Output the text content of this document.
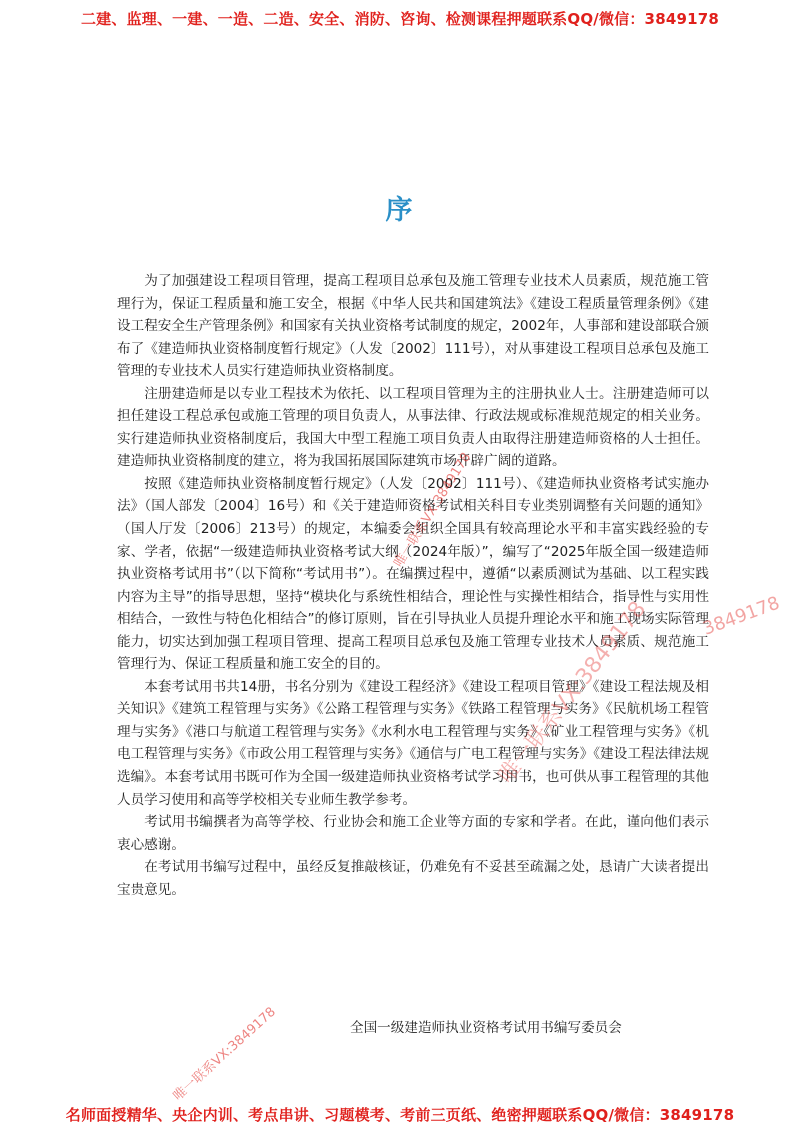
二建、监理、一建、一造、二造、安全、消防、咨询、检测课程押题联系QQ/微信：3849178
序

为了加强建设工程项目管理，提高工程项目总承包及施工管理专业技术人员素质，规范施工管理行为，保证工程质量和施工安全，根据《中华人民共和国建筑法》《建设工程质量管理条例》《建设工程安全生产管理条例》和国家有关执业资格考试制度的规定，2002年，人事部和建设部联合颁布了《建造师执业资格制度暂行规定》（人发〔2002〕111号），对从事建设工程项目总承包及施工管理的专业技术人员实行建造师执业资格制度。

注册建造师是以专业工程技术为依托、以工程项目管理为主的注册执业人士。注册建造师可以担任建设工程总承包或施工管理的项目负责人，从事法律、行政法规或标准规范规定的相关业务。实行建造师执业资格制度后，我国大中型工程施工项目负责人由取得注册建造师资格的人士担任。建造师执业资格制度的建立，将为我国拓展国际建筑市场开辟广阔的道路。

按照《建造师执业资格制度暂行规定》（人发〔2002〕111号）、《建造师执业资格考试实施办法》（国人部发〔2004〕16号）和《关于建造师资格考试相关科目专业类别调整有关问题的通知》（国人厅发〔2006〕213号）的规定，本编委会组织全国具有较高理论水平和丰富实践经验的专家、学者，依据“一级建造师执业资格考试大纲（2024年版）”，编写了“2025年版全国一级建造师执业资格考试用书”（以下简称“考试用书”）。在编撰过程中，遵循“以素质测试为基础、以工程实践内容为主导”的指导思想，坚持“模块化与系统性相结合，理论性与实操性相结合，指导性与实用性相结合，一致性与特色化相结合”的修订原则，旨在引导执业人员提升理论水平和施工现场实际管理能力，切实达到加强工程项目管理、提高工程项目总承包及施工管理专业技术人员素质、规范施工管理行为、保证工程质量和施工安全的目的。

本套考试用书共14册，书名分别为《建设工程经济》《建设工程项目管理》《建设工程法规及相关知识》《建筑工程管理与实务》《公路工程管理与实务》《铁路工程管理与实务》《民航机场工程管理与实务》《港口与航道工程管理与实务》《水利水电工程管理与实务》《矿业工程管理与实务》《机电工程管理与实务》《市政公用工程管理与实务》《通信与广电工程管理与实务》《建设工程法律法规选编》。本套考试用书既可作为全国一级建造师执业资格考试学习用书，也可供从事工程管理的其他人员学习使用和高等学校相关专业师生教学参考。

考试用书编撰者为高等学校、行业协会和施工企业等方面的专家和学者。在此，谨向他们表示衷心感谢。

在考试用书编写过程中，虽经反复推敲核证，仍难免有不妥甚至疏漏之处，恳请广大读者提出宝贵意见。

全国一级建造师执业资格考试用书编写委员会
唯一联系VX:3849178
唯一联系VX:3849178
唯一联系VX:3849178
3849178
名师面授精华、央企内训、考点串讲、习题模考、考前三页纸、绝密押题联系QQ/微信：3849178
